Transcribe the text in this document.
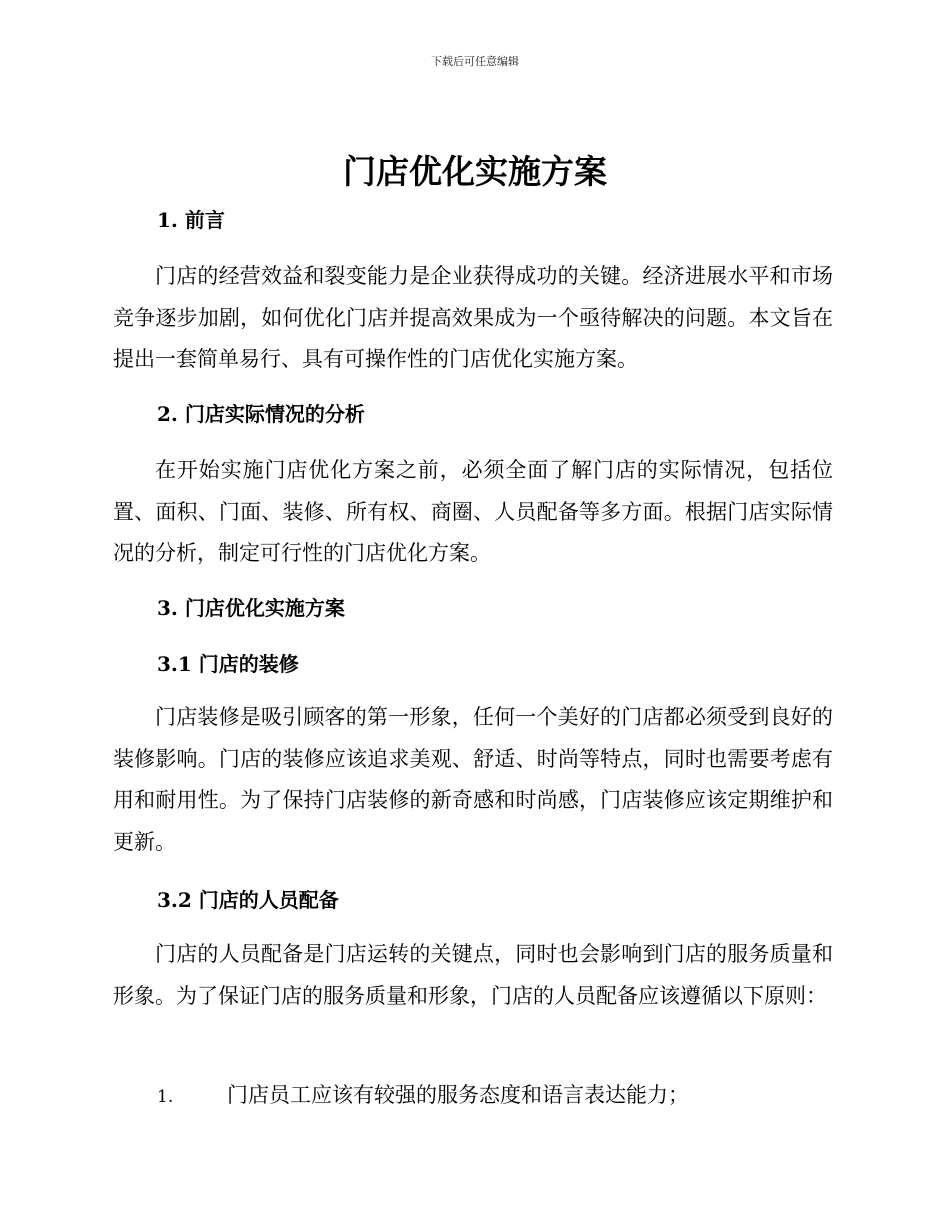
下载后可任意编辑
门店优化实施方案
1. 前言

门店的经营效益和裂变能力是企业获得成功的关键。经济进展水平和市场竞争逐步加剧，如何优化门店并提高效果成为一个亟待解决的问题。本文旨在提出一套简单易行、具有可操作性的门店优化实施方案。

2. 门店实际情况的分析

在开始实施门店优化方案之前，必须全面了解门店的实际情况，包括位置、面积、门面、装修、所有权、商圈、人员配备等多方面。根据门店实际情况的分析，制定可行性的门店优化方案。

3. 门店优化实施方案
3.1 门店的装修

门店装修是吸引顾客的第一形象，任何一个美好的门店都必须受到良好的装修影响。门店的装修应该追求美观、舒适、时尚等特点，同时也需要考虑有用和耐用性。为了保持门店装修的新奇感和时尚感，门店装修应该定期维护和更新。

3.2 门店的人员配备

门店的人员配备是门店运转的关键点，同时也会影响到门店的服务质量和形象。为了保证门店的服务质量和形象，门店的人员配备应该遵循以下原则：

1.	门店员工应该有较强的服务态度和语言表达能力；
